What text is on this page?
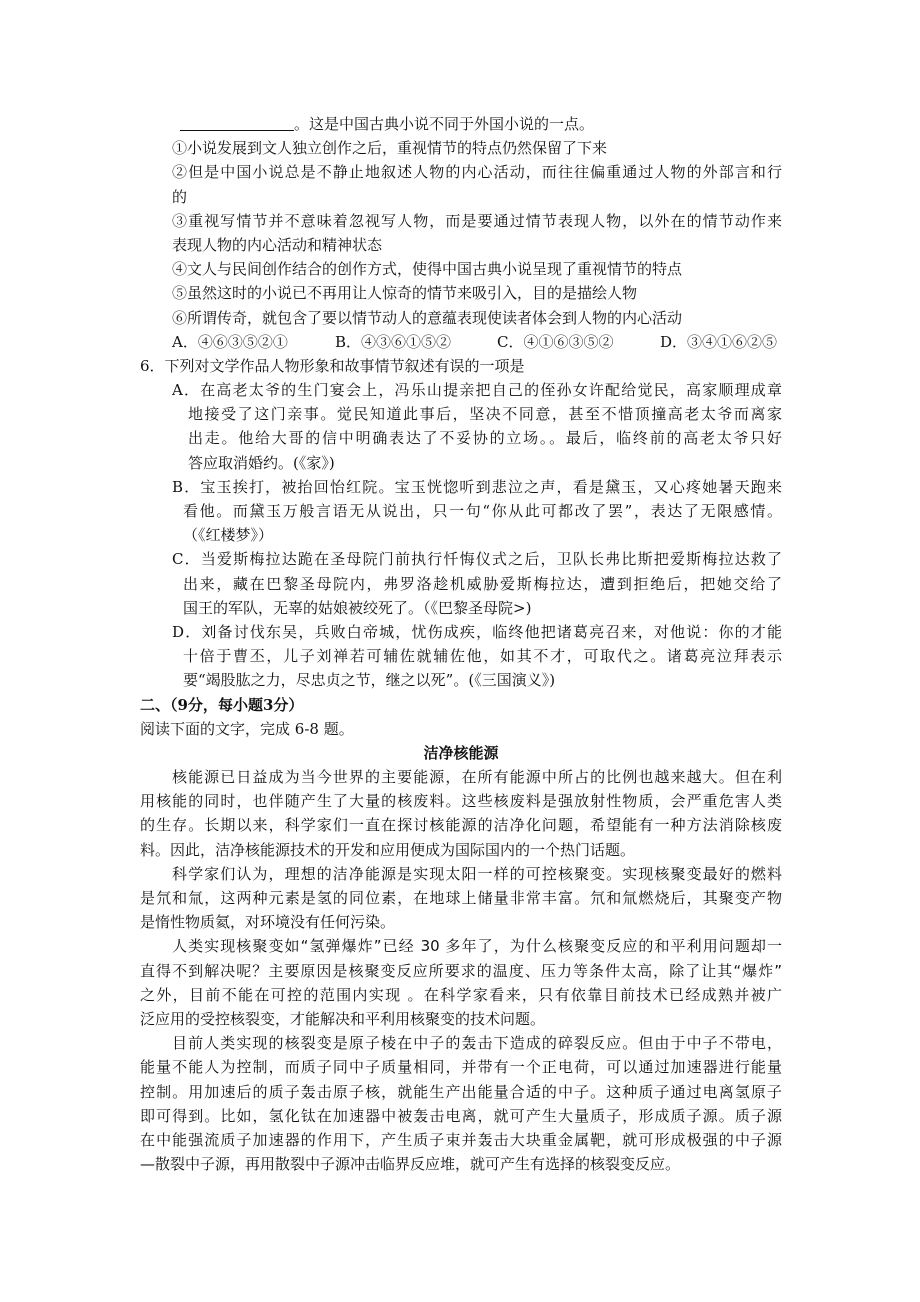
。这是中国古典小说不同于外国小说的一点。
①小说发展到文人独立创作之后，重视情节的特点仍然保留了下来
②但是中国小说总是不静止地叙述人物的内心活动，而往往偏重通过人物的外部言和行
的
③重视写情节并不意味着忽视写人物，而是要通过情节表现人物，以外在的情节动作来
表现人物的内心活动和精神状态
④文人与民间创作结合的创作方式，使得中国古典小说呈现了重视情节的特点
⑤虽然这时的小说已不再用让人惊奇的情节来吸引入，目的是描绘人物
⑥所谓传奇，就包含了要以情节动人的意蕴表现使读者体会到人物的内心活动
A．④⑥③⑤②①	B．④③⑥①⑤②	C．④①⑥③⑤②	D．③④①⑥②⑤
6．下列对文学作品人物形象和故事情节叙述有误的一项是
A．在高老太爷的生门宴会上，冯乐山提亲把自己的侄孙女许配给觉民，高家顺理成章
地接受了这门亲事。觉民知道此事后，坚决不同意，甚至不惜顶撞高老太爷而离家
出走。他给大哥的信中明确表达了不妥协的立场。。最后，临终前的高老太爷只好
答应取消婚约。(《家》)
B．宝玉挨打，被抬回怡红院。宝玉恍惚听到悲泣之声，看是黛玉，又心疼她暑天跑来
看他。而黛玉万般言语无从说出，只一句“你从此可都改了罢”，表达了无限感情。
（《红楼梦》）
C．当爱斯梅拉达跪在圣母院门前执行忏悔仪式之后，卫队长弗比斯把爱斯梅拉达救了
出来，藏在巴黎圣母院内，弗罗洛趁机威胁爱斯梅拉达，遭到拒绝后，把她交给了
国王的军队，无辜的姑娘被绞死了。（《巴黎圣母院>)
D．刘备讨伐东吴，兵败白帝城，忧伤成疾，临终他把诸葛亮召来，对他说：你的才能
十倍于曹丕，儿子刘禅若可辅佐就辅佐他，如其不才，可取代之。诸葛亮泣拜表示
要“竭股肱之力，尽忠贞之节，继之以死”。(《三国演义》)
二、（9分，每小题3分）
阅读下面的文字，完成 6-8 题。
洁净核能源
核能源已日益成为当今世界的主要能源，在所有能源中所占的比例也越来越大。但在利
用核能的同时，也伴随产生了大量的核废料。这些核废料是强放射性物质，会严重危害人类
的生存。长期以来，科学家们一直在探讨核能源的洁净化问题，希望能有一种方法消除核废
料。因此，洁净核能源技术的开发和应用便成为国际国内的一个热门话题。
科学家们认为，理想的洁净能源是实现太阳一样的可控核聚变。实现核聚变最好的燃料
是氘和氚，这两种元素是氢的同位素，在地球上储量非常丰富。氘和氚燃烧后，其聚变产物
是惰性物质氦，对环境没有任何污染。
人类实现核聚变如“氢弹爆炸”已经 30 多年了，为什么核聚变反应的和平利用问题却一
直得不到解决呢？主要原因是核聚变反应所要求的温度、压力等条件太高，除了让其“爆炸”
之外，目前不能在可控的范围内实现 。在科学家看来，只有依靠目前技术已经成熟并被广
泛应用的受控核裂变，才能解决和平利用核聚变的技术问题。
目前人类实现的核裂变是原子棱在中子的轰击下造成的碎裂反应。但由于中子不带电，
能量不能人为控制，而质子同中子质量相同，并带有一个正电荷，可以通过加速器进行能量
控制。用加速后的质子轰击原子核，就能生产出能量合适的中子。这种质子通过电离氢原子
即可得到。比如，氢化钛在加速器中被轰击电离，就可产生大量质子，形成质子源。质子源
在中能强流质子加速器的作用下，产生质子束并轰击大块重金属靶，就可形成极强的中子源
—散裂中子源，再用散裂中子源冲击临界反应堆，就可产生有选择的核裂变反应。
